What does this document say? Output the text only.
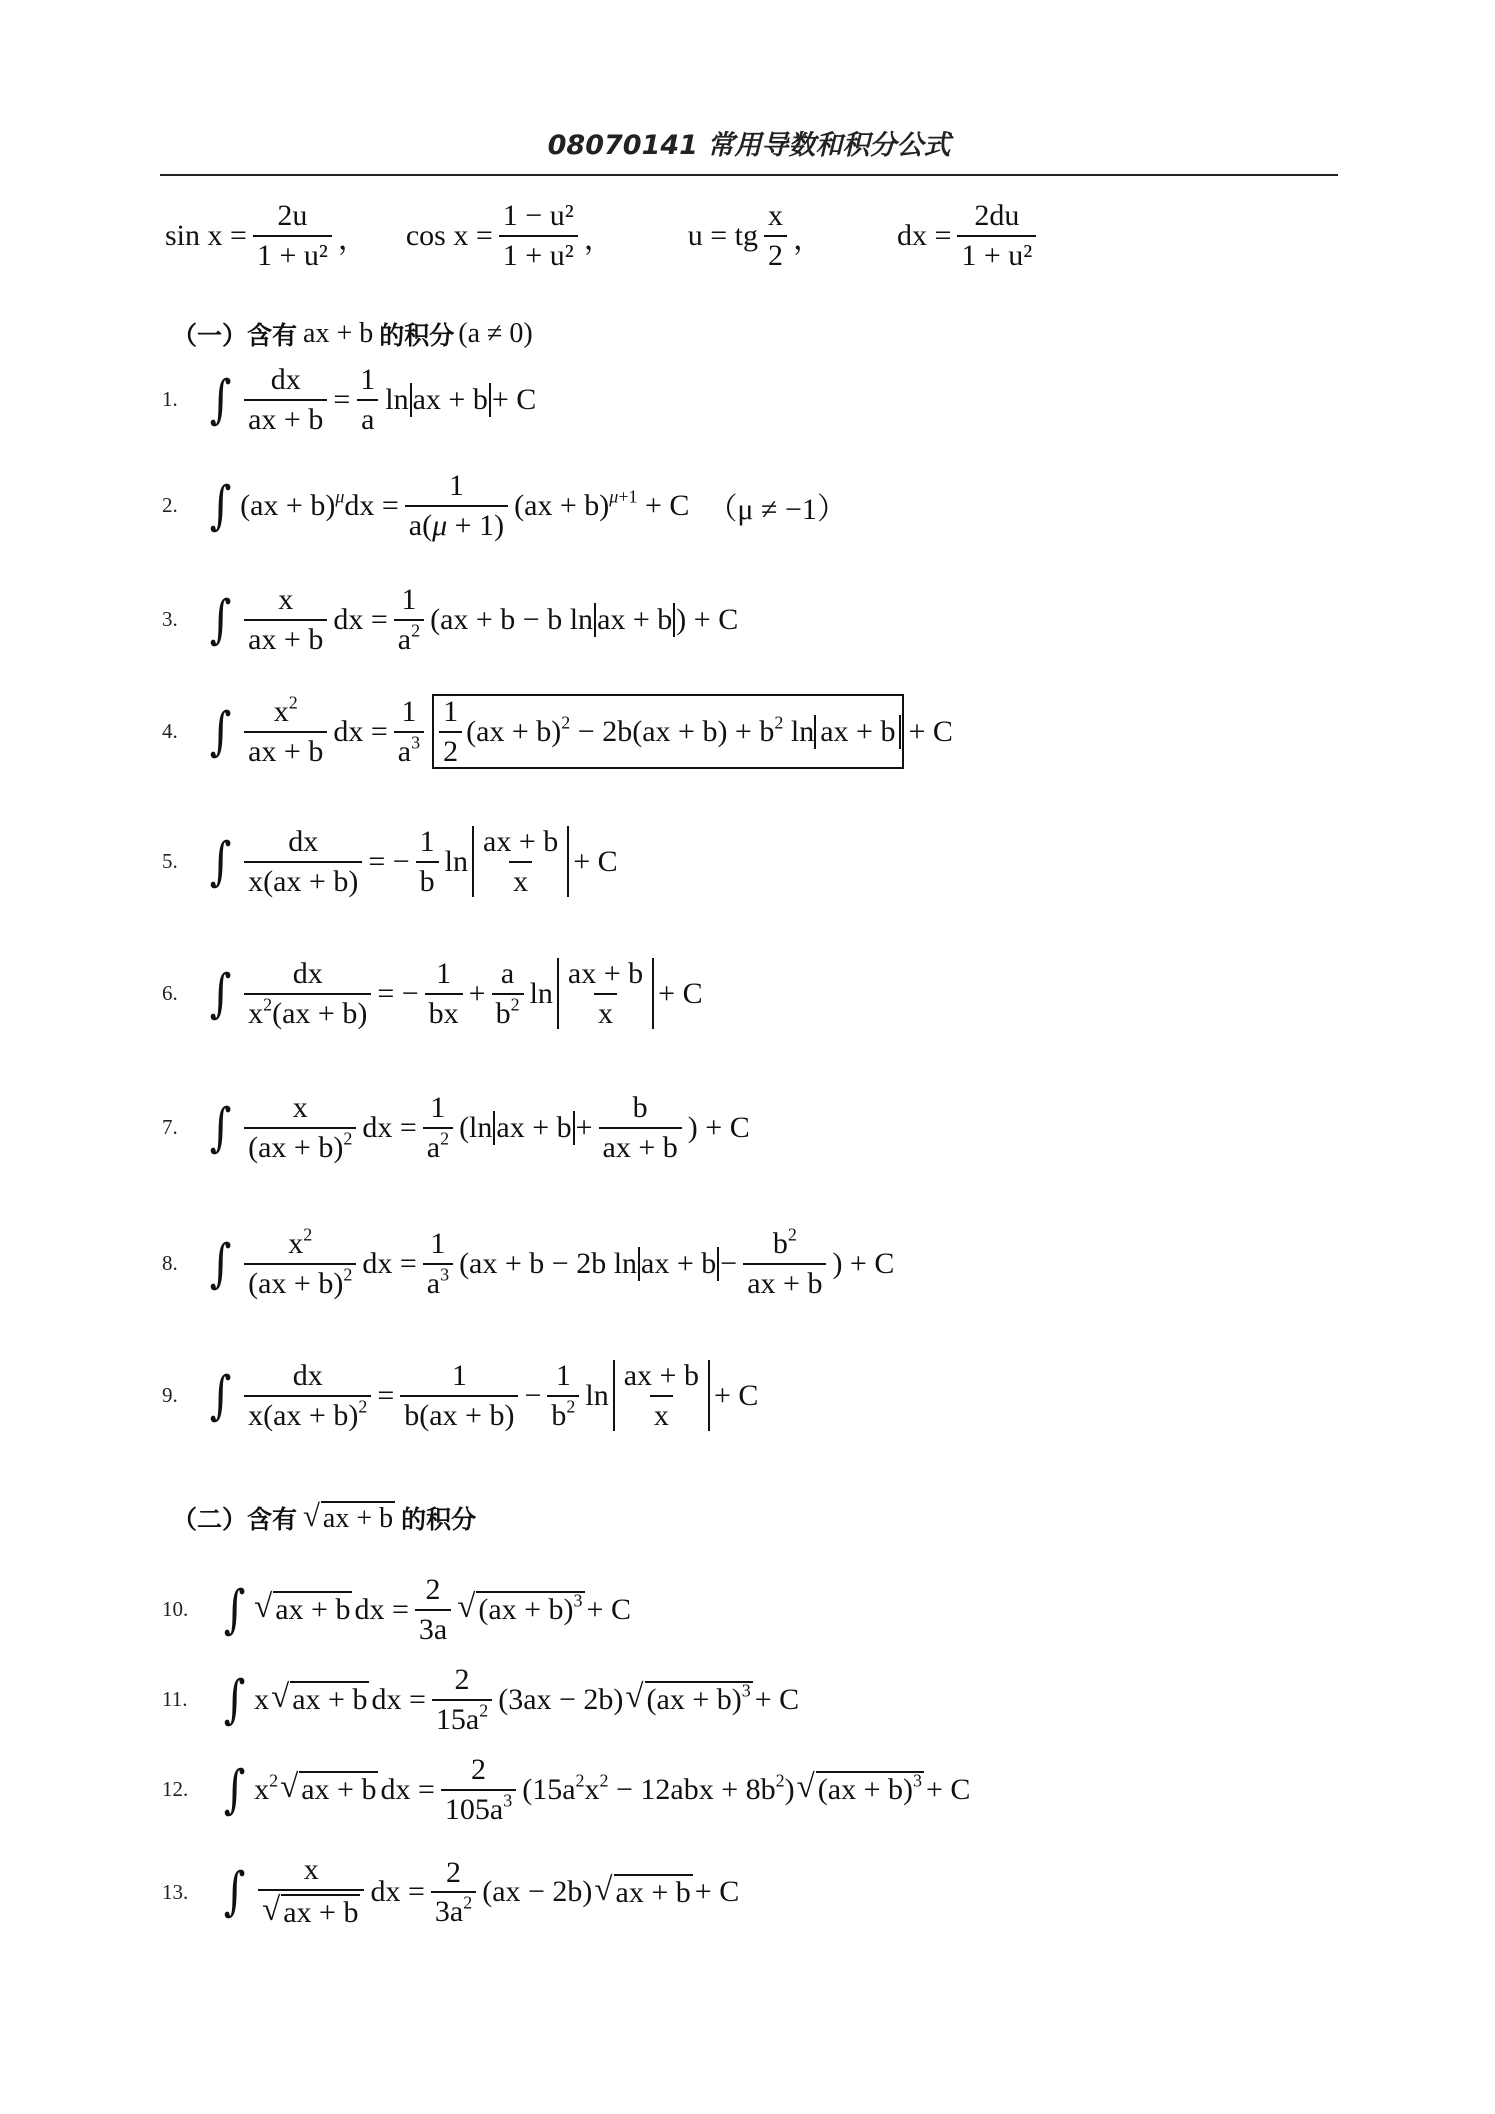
08070141 常用导数和积分公式
$\sin x = \frac{2u}{\text{1 + u²}}$ ， $\cos x = \frac{\text{1 − u²}}{\text{1 + u²}}$ ， u = tg $\frac{x}{2}$ ， dx = $\frac{2du}{\text{1 + u²}}$
（一）含有 ax + b 的积分 (a ≠ 0)
1. ∫ $\frac{dx}{ax + b} = \frac{1}{a}$ ln ax + b + C
2. ∫ $(ax + b)^\mu dx = \frac{1}{a(\mu + 1)} (ax + b)^{\mu+1} + C$ （μ ≠ −1）
3. ∫ $\frac{x}{ax + b}$ dx = $\frac{1}{a^2} (ax + b - b$ ln ax + b ) + C
4. ∫ $\frac{x^2}{ax + b}$ dx = $\frac{1}{a^3} \frac{1}{2} (ax + b)^2 - 2b(ax + b) + b^2$ ln ax + b + C
5. ∫ $\frac{dx}{x(ax + b)}$ = − $\frac{1}{b}$ $\ln \frac{ax + b}{x} + C$
6. ∫ $\frac{dx}{x^2(ax + b)}$ = − $\frac{1}{bx} + \frac{a}{b^2}$ $\ln \frac{ax + b}{x} + C$
7. ∫ $\frac{x}{(ax + b)^2}$ dx = $\frac{1}{a^2} (\ln$ ax + $b + \frac{b}{ax + b}$ ) + C
8. ∫ $\frac{x^2}{(ax + b)^2}$ dx = $\frac{1}{a^3} (ax + b - 2b$ ln ax + $b - \frac{b^2}{ax + b}$ ) + C
9. ∫ $\frac{dx}{x(ax + b)^2} = \frac{1}{b(ax + b)} - \frac{1}{b^2}$ $\ln \frac{ax + b}{x} + C$
（二）含有 √ ax + b 的积分
10. ∫ √ ax + b dx = $\frac{2}{3a}$ √ (ax + b)$^3$ + C
11. ∫ x √ ax + b dx = $\frac{2}{15a^2} (3ax - 2b)$ √ (ax + b)$^3$ + C
12. ∫ $x^2$ √ ax + b dx = $\frac{2}{105a^3} (15a^2x^2 - 12abx + 8b^2)$ √ (ax + b)$^3$ + C
13. ∫ $\frac{x}{√ ax + b}$ dx = $\frac{2}{3a^2} (ax - 2b)$ √ ax + b + C
